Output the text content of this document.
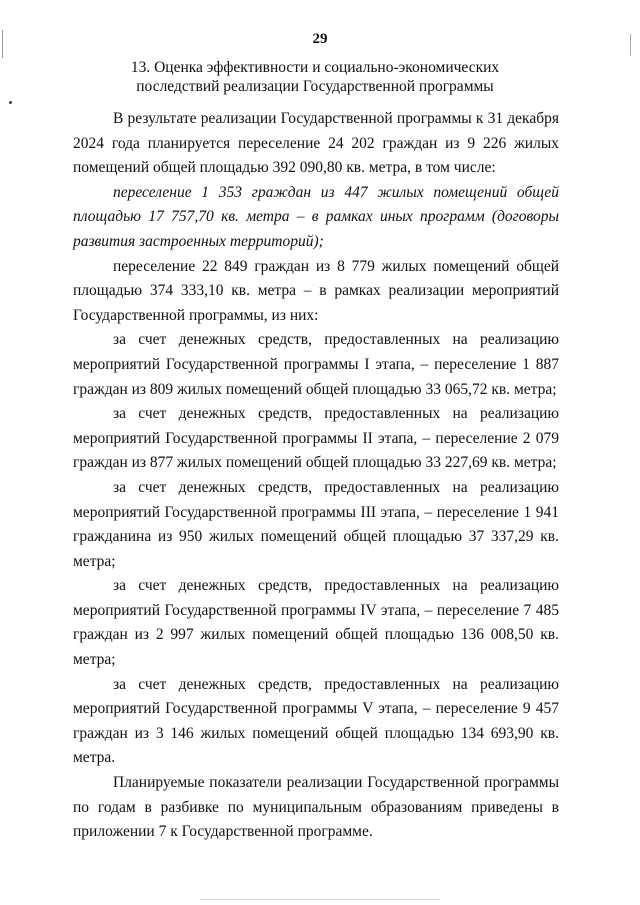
29
13. Оценка эффективности и социально-экономических
последствий реализации Государственной программы

В результате реализации Государственной программы к 31 декабря 2024 года планируется переселение 24 202 граждан из 9 226 жилых помещений общей площадью 392 090,80 кв. метра, в том числе:

переселение 1 353 граждан из 447 жилых помещений общей площадью 17 757,70 кв. метра – в рамках иных программ (договоры развития застроенных территорий);

переселение 22 849 граждан из 8 779 жилых помещений общей площадью 374 333,10 кв. метра – в рамках реализации мероприятий Государственной программы, из них:

за счет денежных средств, предоставленных на реализацию мероприятий Государственной программы I этапа, – переселение 1 887 граждан из 809 жилых помещений общей площадью 33 065,72 кв. метра;

за счет денежных средств, предоставленных на реализацию мероприятий Государственной программы II этапа, – переселение 2 079 граждан из 877 жилых помещений общей площадью 33 227,69 кв. метра;

за счет денежных средств, предоставленных на реализацию мероприятий Государственной программы III этапа, – переселение 1 941 гражданина из 950 жилых помещений общей площадью 37 337,29 кв. метра;

за счет денежных средств, предоставленных на реализацию мероприятий Государственной программы IV этапа, – переселение 7 485 граждан из 2 997 жилых помещений общей площадью 136 008,50 кв. метра;

за счет денежных средств, предоставленных на реализацию мероприятий Государственной программы V этапа, – переселение 9 457 граждан из 3 146 жилых помещений общей площадью 134 693,90 кв. метра.

Планируемые показатели реализации Государственной программы по годам в разбивке по муниципальным образованиям приведены в приложении 7 к Государственной программе.
